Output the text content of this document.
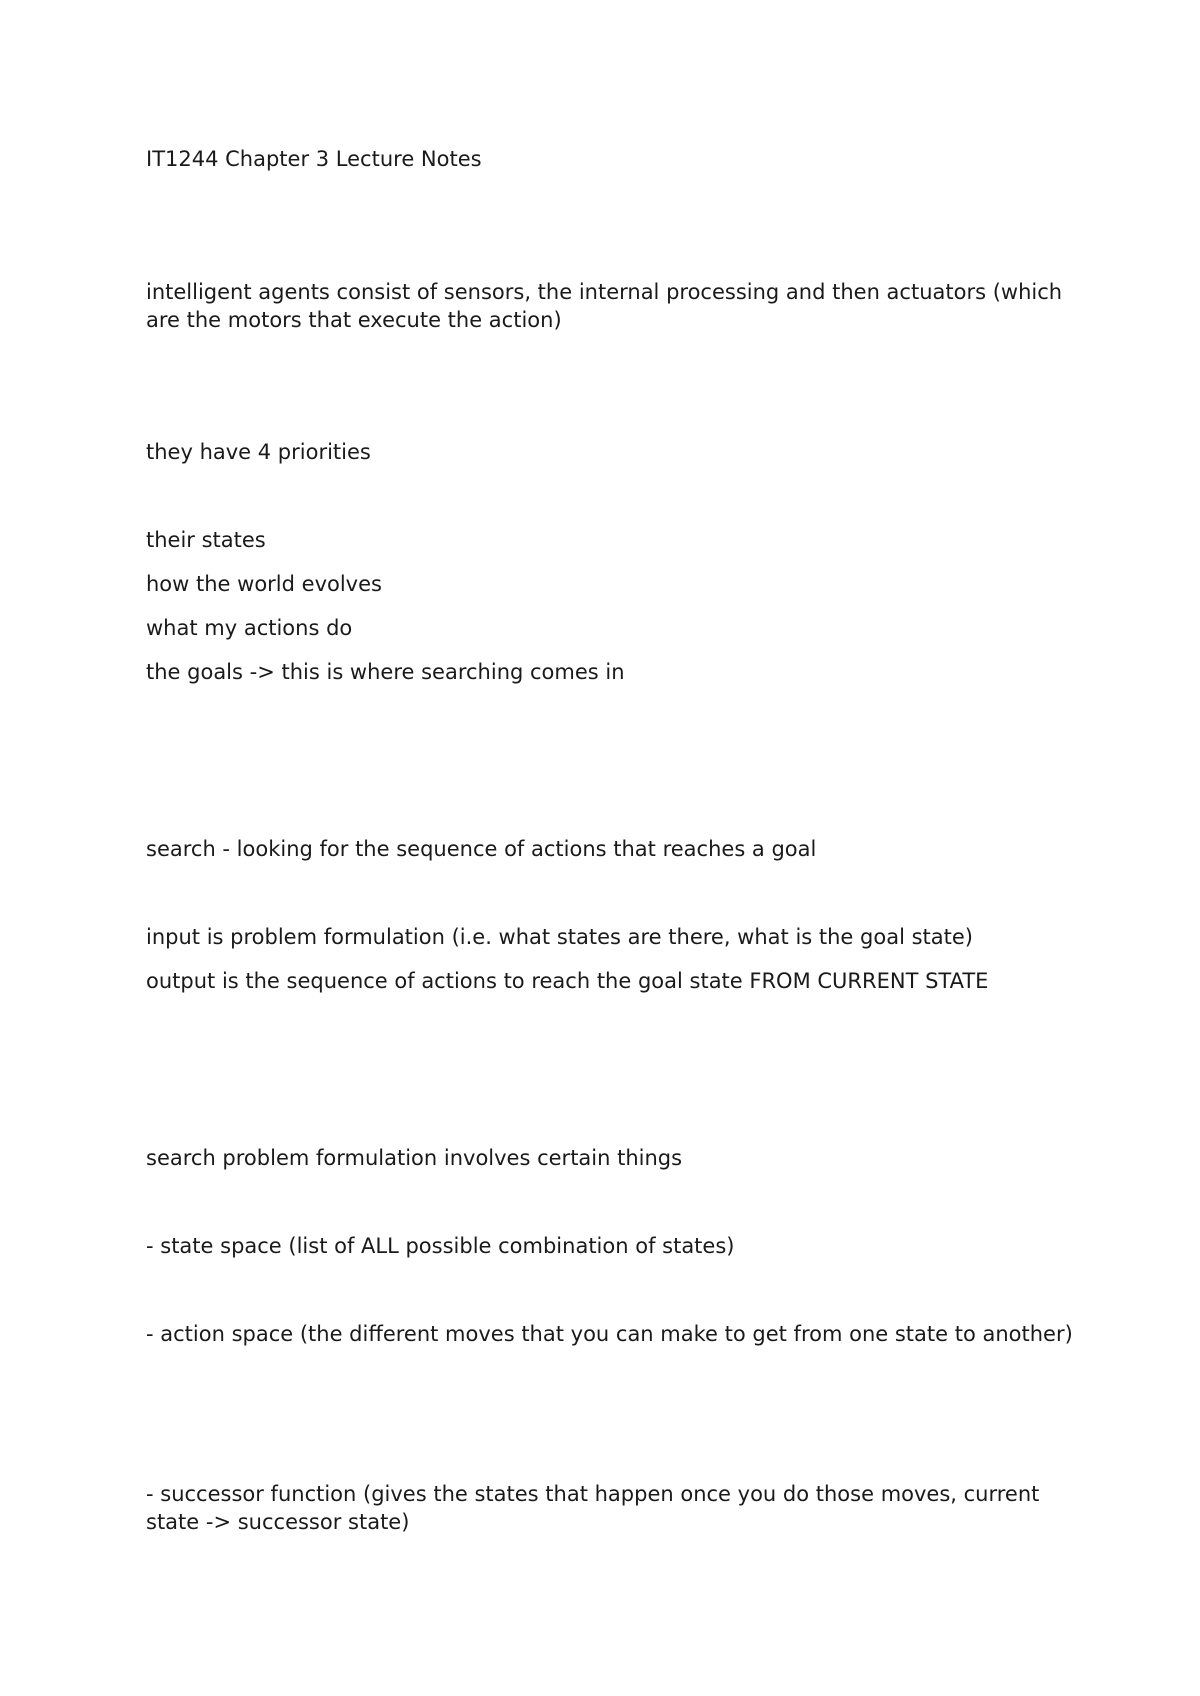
IT1244 Chapter 3 Lecture Notes
intelligent agents consist of sensors, the internal processing and then actuators (which are the motors that execute the action)
they have 4 priorities
their states
how the world evolves
what my actions do
the goals -> this is where searching comes in
search - looking for the sequence of actions that reaches a goal
input is problem formulation (i.e. what states are there, what is the goal state)
output is the sequence of actions to reach the goal state FROM CURRENT STATE
search problem formulation involves certain things
- state space (list of ALL possible combination of states)
- action space (the different moves that you can make to get from one state to another)
- successor function (gives the states that happen once you do those moves, current state -> successor state)
